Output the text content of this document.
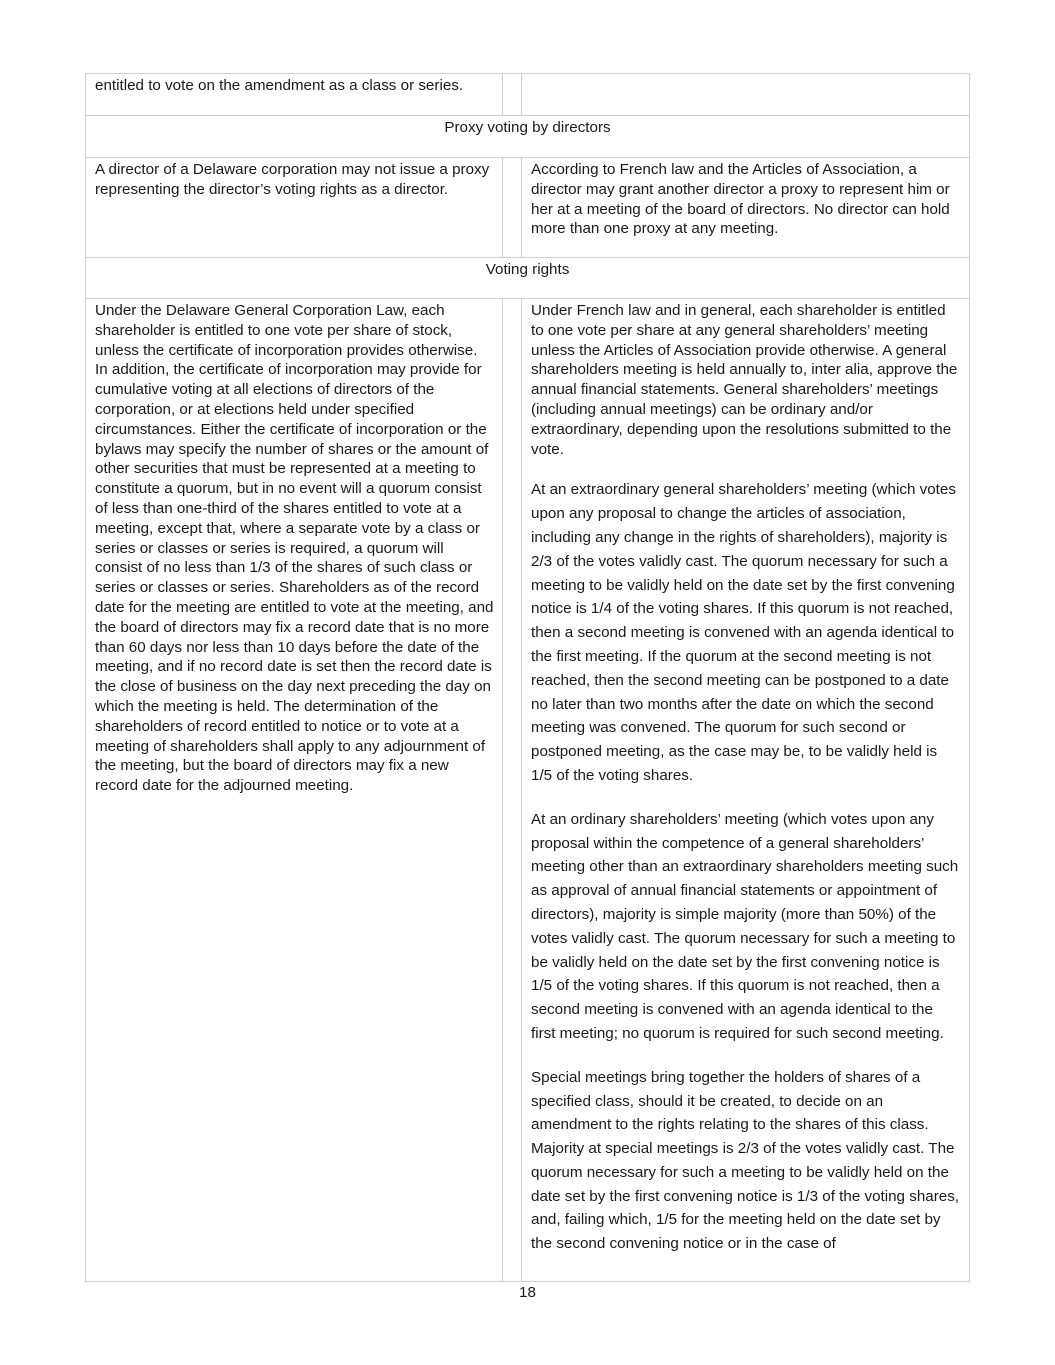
entitled to vote on the amendment as a class or series.
Proxy voting by directors
A director of a Delaware corporation may not issue a proxy representing the director’s voting rights as a director.
According to French law and the Articles of Association, a director may grant another director a proxy to represent him or her at a meeting of the board of directors. No director can hold more than one proxy at any meeting.
Voting rights
Under the Delaware General Corporation Law, each shareholder is entitled to one vote per share of stock, unless the certificate of incorporation provides otherwise. In addition, the certificate of incorporation may provide for cumulative voting at all elections of directors of the corporation, or at elections held under specified circumstances. Either the certificate of incorporation or the bylaws may specify the number of shares or the amount of other securities that must be represented at a meeting to constitute a quorum, but in no event will a quorum consist of less than one-third of the shares entitled to vote at a meeting, except that, where a separate vote by a class or series or classes or series is required, a quorum will consist of no less than 1/3 of the shares of such class or series or classes or series. Shareholders as of the record date for the meeting are entitled to vote at the meeting, and the board of directors may fix a record date that is no more than 60 days nor less than 10 days before the date of the meeting, and if no record date is set then the record date is the close of business on the day next preceding the day on which the meeting is held. The determination of the shareholders of record entitled to notice or to vote at a meeting of shareholders shall apply to any adjournment of the meeting, but the board of directors may fix a new record date for the adjourned meeting.

Under French law and in general, each shareholder is entitled to one vote per share at any general shareholders’ meeting unless the Articles of Association provide otherwise. A general shareholders meeting is held annually to, inter alia, approve the annual financial statements. General shareholders’ meetings (including annual meetings) can be ordinary and/or extraordinary, depending upon the resolutions submitted to the vote.

At an extraordinary general shareholders’ meeting (which votes upon any proposal to change the articles of association, including any change in the rights of shareholders), majority is 2/3 of the votes validly cast. The quorum necessary for such a meeting to be validly held on the date set by the first convening notice is 1/4 of the voting shares. If this quorum is not reached, then a second meeting is convened with an agenda identical to the first meeting. If the quorum at the second meeting is not reached, then the second meeting can be postponed to a date no later than two months after the date on which the second meeting was convened. The quorum for such second or postponed meeting, as the case may be, to be validly held is 1/5 of the voting shares.

At an ordinary shareholders’ meeting (which votes upon any proposal within the competence of a general shareholders’ meeting other than an extraordinary shareholders meeting such as approval of annual financial statements or appointment of directors), majority is simple majority (more than 50%) of the votes validly cast. The quorum necessary for such a meeting to be validly held on the date set by the first convening notice is 1/5 of the voting shares. If this quorum is not reached, then a second meeting is convened with an agenda identical to the first meeting; no quorum is required for such second meeting.

Special meetings bring together the holders of shares of a specified class, should it be created, to decide on an amendment to the rights relating to the shares of this class. Majority at special meetings is 2/3 of the votes validly cast. The quorum necessary for such a meeting to be validly held on the date set by the first convening notice is 1/3 of the voting shares, and, failing which, 1/5 for the meeting held on the date set by the second convening notice or in the case of

18
